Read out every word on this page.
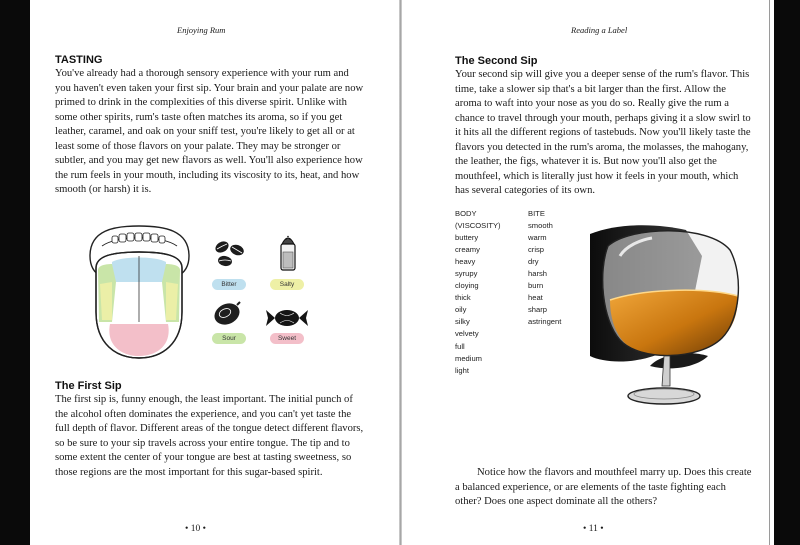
Enjoying Rum
TASTING

You've already had a thorough sensory experience with your rum and you haven't even taken your first sip. Your brain and your palate are now primed to drink in the complexities of this diverse spirit. Unlike with some other spirits, rum's taste often matches its aroma, so if you get leather, caramel, and oak on your sniff test, you're likely to get all or at least some of those flavors on your palate. They may be stronger or subtler, and you may get new flavors as well. You'll also experience how the rum feels in your mouth, including its viscosity to its, heat, and how smooth (or harsh) it is.

Bitter	Salty
Sour	Sweet
The First Sip

The first sip is, funny enough, the least important. The initial punch of the alcohol often dominates the experience, and you can't yet taste the full depth of flavor. Different areas of the tongue detect different flavors, so be sure to your sip travels across your entire tongue. The tip and to some extent the center of your tongue are best at tasting sweetness, so those regions are the most important for this sugar-based spirit.

• 10 •
Reading a Label
The Second Sip

Your second sip will give you a deeper sense of the rum's flavor. This time, take a slower sip that's a bit larger than the first. Allow the aroma to waft into your nose as you do so. Really give the rum a chance to travel through your mouth, perhaps giving it a slow swirl to it hits all the different regions of tastebuds. Now you'll likely taste the flavors you detected in the rum's aroma, the molasses, the mahogany, the leather, the figs, whatever it is. But now you'll also get the mouthfeel, which is literally just how it feels in your mouth, which has several categories of its own.

BODY
(VISCOSITY)
buttery
creamy
heavy
syrupy
cloying
thick
oily
silky
velvety
full
medium
light
BITE
smooth
warm
crisp
dry
harsh
burn
heat
sharp
astringent

Notice how the flavors and mouthfeel marry up. Does this create a balanced experience, or are elements of the taste fighting each other? Does one aspect dominate all the others?

• 11 •
